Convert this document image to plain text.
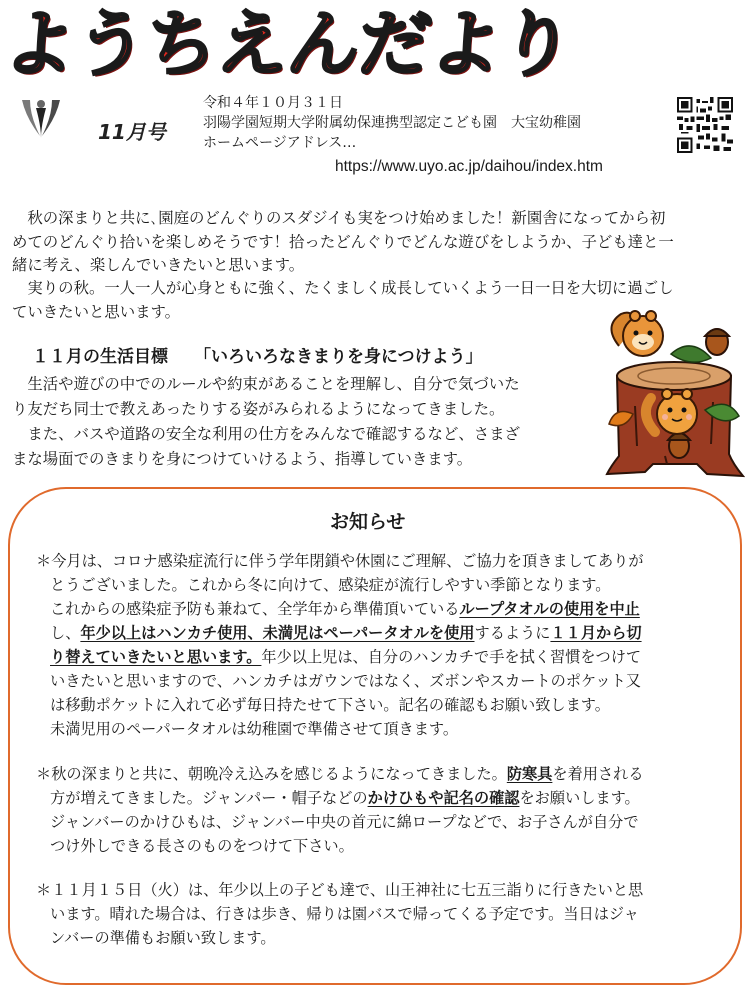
ようちえんだより
11月号
令和４年１０月３１日
羽陽学園短期大学附属幼保連携型認定こども園　大宝幼稚園
ホームページアドレス…
https://www.uyo.ac.jp/daihou/index.htm
　秋の深まりと共に､園庭のどんぐりのスダジイも実をつけ始めました！新園舎になってから初
めてのどんぐり拾いを楽しめそうです！拾ったどんぐりでどんな遊びをしようか、子ども達と一
緒に考え、楽しんでいきたいと思います。
　実りの秋。一人一人が心身ともに強く、たくましく成長していくよう一日一日を大切に過ごし
ていきたいと思います。
１１月の生活目標 「いろいろなきまりを身につけよう」
　生活や遊びの中でのルールや約束があることを理解し、自分で気づいた
り友だち同士で教えあったりする姿がみられるようになってきました。
　また、バスや道路の安全な利用の仕方をみんなで確認するなど、さまざ
まな場面でのきまりを身につけていけるよう、指導していきます。
お知らせ
＊今月は、コロナ感染症流行に伴う学年閉鎖や休園にご理解、ご協力を頂きましてありが
とうございました。これから冬に向けて、感染症が流行しやすい季節となります。
これからの感染症予防も兼ねて、全学年から準備頂いているループタオルの使用を中止
し、年少以上はハンカチ使用、未満児はペーパータオルを使用するように１１月から切
り替えていきたいと思います。年少以上児は、自分のハンカチで手を拭く習慣をつけて
いきたいと思いますので、ハンカチはガウンではなく、ズボンやスカートのポケット又
は移動ポケットに入れて必ず毎日持たせて下さい。記名の確認もお願い致します。
未満児用のペーパータオルは幼稚園で準備させて頂きます。
＊秋の深まりと共に、朝晩冷え込みを感じるようになってきました。防寒具を着用される
方が増えてきました。ジャンパー・帽子などのかけひもや記名の確認をお願いします。
ジャンバーのかけひもは、ジャンバー中央の首元に綿ロープなどで、お子さんが自分で
つけ外しできる長さのものをつけて下さい。
＊１１月１５日（火）は、年少以上の子ども達で、山王神社に七五三詣りに行きたいと思
います。晴れた場合は、行きは歩き、帰りは園バスで帰ってくる予定です。当日はジャ
ンバーの準備もお願い致します。
